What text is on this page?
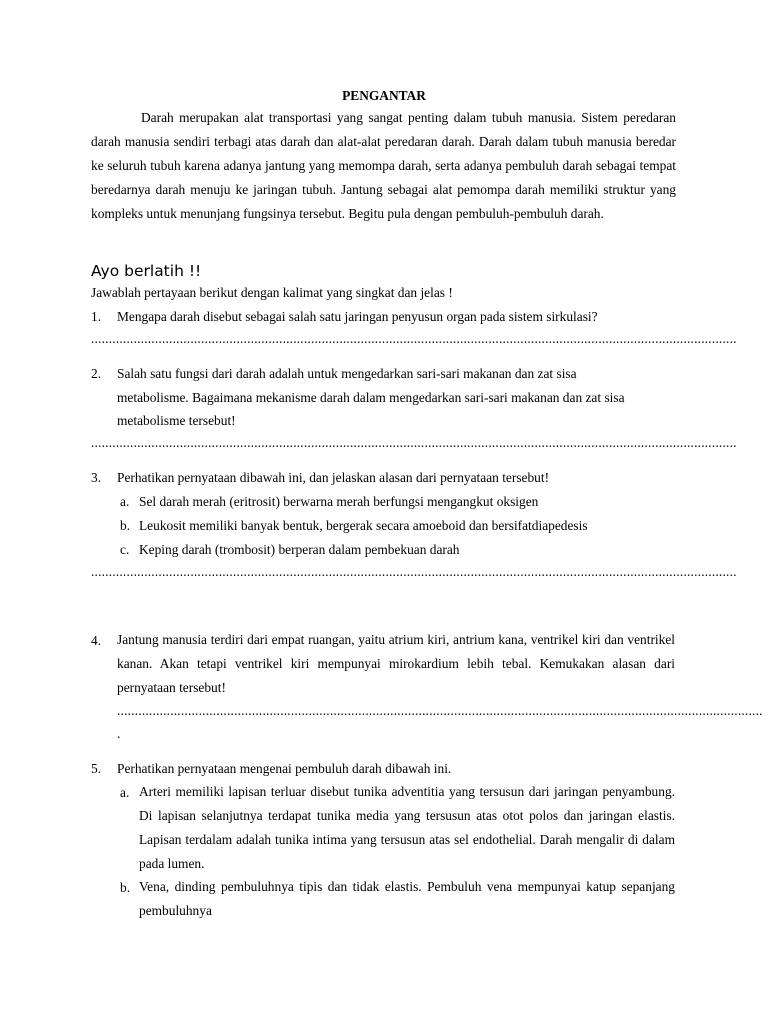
PENGANTAR
Darah merupakan alat transportasi yang sangat penting dalam tubuh manusia. Sistem peredaran darah manusia sendiri terbagi atas darah dan alat-alat peredaran darah. Darah dalam tubuh manusia beredar ke seluruh tubuh karena adanya jantung yang memompa darah, serta adanya pembuluh darah sebagai tempat beredarnya darah menuju ke jaringan tubuh. Jantung sebagai alat pemompa darah memiliki struktur yang kompleks untuk menunjang fungsinya tersebut. Begitu pula dengan pembuluh-pembuluh darah.
Ayo berlatih !!
Jawablah pertayaan berikut dengan kalimat yang singkat dan jelas !
1. Mengapa darah disebut sebagai salah satu jaringan penyusun organ pada sistem sirkulasi?
......................................................................................................................................................................................
2. Salah satu fungsi dari darah adalah untuk mengedarkan sari-sari makanan dan zat sisa
metabolisme. Bagaimana mekanisme darah dalam mengedarkan sari-sari makanan dan zat sisa
metabolisme tersebut!
......................................................................................................................................................................................
3. Perhatikan pernyataan dibawah ini, dan jelaskan alasan dari pernyataan tersebut!
a. Sel darah merah (eritrosit) berwarna merah berfungsi mengangkut oksigen
b. Leukosit memiliki banyak bentuk, bergerak secara amoeboid dan bersifatdiapedesis
c. Keping darah (trombosit) berperan dalam pembekuan darah
......................................................................................................................................................................................
4. Jantung manusia terdiri dari empat ruangan, yaitu atrium kiri, antrium kana, ventrikel kiri dan ventrikel kanan. Akan tetapi ventrikel kiri mempunyai mirokardium lebih tebal. Kemukakan alasan dari pernyataan tersebut!
......................................................................................................................................................................................
.
5. Perhatikan pernyataan mengenai pembuluh darah dibawah ini.
a. Arteri memiliki lapisan terluar disebut tunika adventitia yang tersusun dari jaringan penyambung. Di lapisan selanjutnya terdapat tunika media yang tersusun atas otot polos dan jaringan elastis. Lapisan terdalam adalah tunika intima yang tersusun atas sel endothelial. Darah mengalir di dalam pada lumen.
b. Vena, dinding pembuluhnya tipis dan tidak elastis. Pembuluh vena mempunyai katup sepanjang pembuluhnya
